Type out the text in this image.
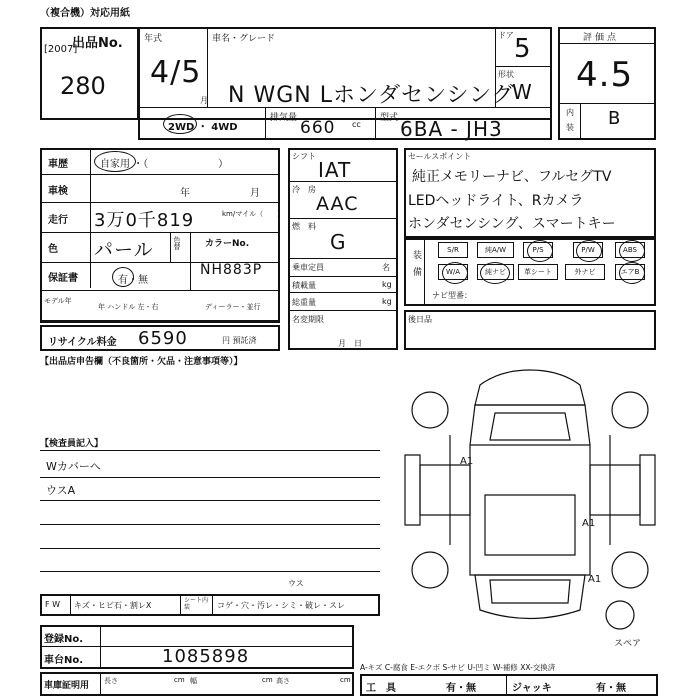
（複合機）対応用紙
出品No.
[2007]
280
年式
4/5
月
車名・グレード
N WGN Lホンダセンシング
ドア 5
形状
W
2WD ・ 4WD
排気量 660 cc
型式 6BA - JH3
評価点
4.5
内
装 B
車歴	自家用 ・（　　　　　　　）
車検	年　　　　月
走行 3万0千819	km/マイル（　　）
色 パール	色替	カラーNo.
NH883P
保証書	有・無
モデル年
年 ハンドル 左・右	ディーラー・並行
リサイクル料金 6590	円 預託済
【出品店申告欄（不良箇所・欠品・注意事項等）】
シフト
IAT
冷　房
AAC
燃　料
G
乗車定員	名
積載量	kg
総重量	kg
名変期限
月　日
セールスポイント
純正メモリーナビ、フルセグTV
LEDヘッドライト、Rカメラ
ホンダセンシング、スマートキー
装備	S/R	純A/W	P/S	P/W	ABS
W/A	純ナビ	革シート	外ナビ	エアB
ナビ型番：
後日品
【検査員記入】
Wカバーへ
ウスA
A1
A1
A1
スペア
F W キズ・ヒビ石・割レX
シート内装	コゲ・穴・汚レ・シミ・破レ・スレ
ウス
登録No.
車台No.	1085898
車庫証明用 長さ	cm 幅	cm 高さ	cm
A-キズ C-腐食 E-エクボ S-サビ U-凹ミ W-補修 XX-交換済
工　具	有・無	ジャッキ	有・無
